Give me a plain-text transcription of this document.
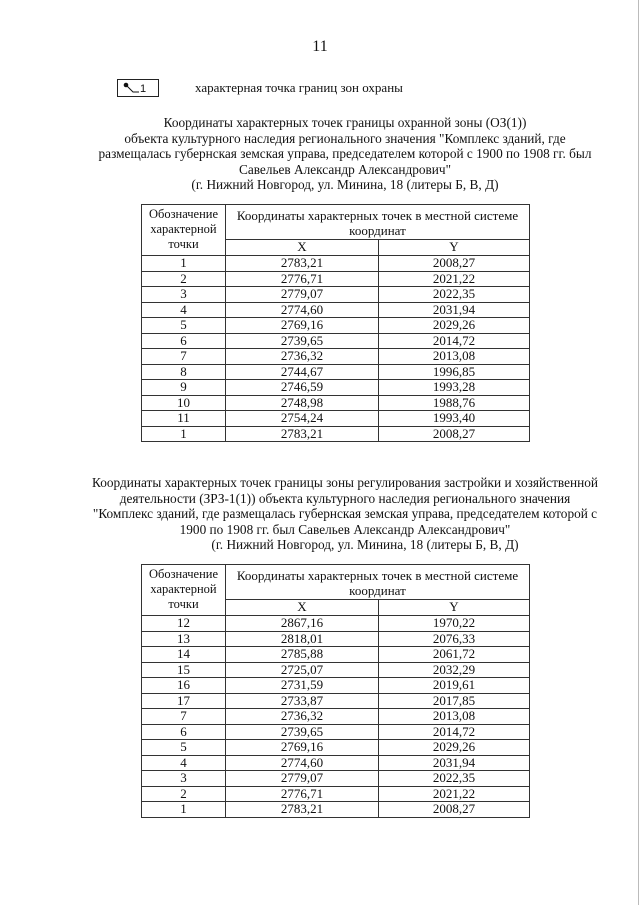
11
1	характерная точка границ зон охраны
Координаты характерных точек границы охранной зоны (ОЗ(1))
объекта культурного наследия регионального значения "Комплекс зданий, где
размещалась губернская земская управа, председателем которой с 1900 по 1908 гг. был
Савельев Александр Александрович"
(г. Нижний Новгород, ул. Минина, 18 (литеры Б, В, Д)
Обозначение характерной точки	Координаты характерных точек в местной системе координат	
	X	Y
1	2783,21	2008,27
2	2776,71	2021,22
3	2779,07	2022,35
4	2774,60	2031,94
5	2769,16	2029,26
6	2739,65	2014,72
7	2736,32	2013,08
8	2744,67	1996,85
9	2746,59	1993,28
10	2748,98	1988,76
11	2754,24	1993,40
1	2783,21	2008,27
Координаты характерных точек границы зоны регулирования застройки и хозяйственной
деятельности (ЗРЗ-1(1)) объекта культурного наследия регионального значения
"Комплекс зданий, где размещалась губернская земская управа, председателем которой с
1900 по 1908 гг. был Савельев Александр Александрович"
(г. Нижний Новгород, ул. Минина, 18 (литеры Б, В, Д)
Обозначение характерной точки	Координаты характерных точек в местной системе координат	
	X	Y
12	2867,16	1970,22
13	2818,01	2076,33
14	2785,88	2061,72
15	2725,07	2032,29
16	2731,59	2019,61
17	2733,87	2017,85
7	2736,32	2013,08
6	2739,65	2014,72
5	2769,16	2029,26
4	2774,60	2031,94
3	2779,07	2022,35
2	2776,71	2021,22
1	2783,21	2008,27
